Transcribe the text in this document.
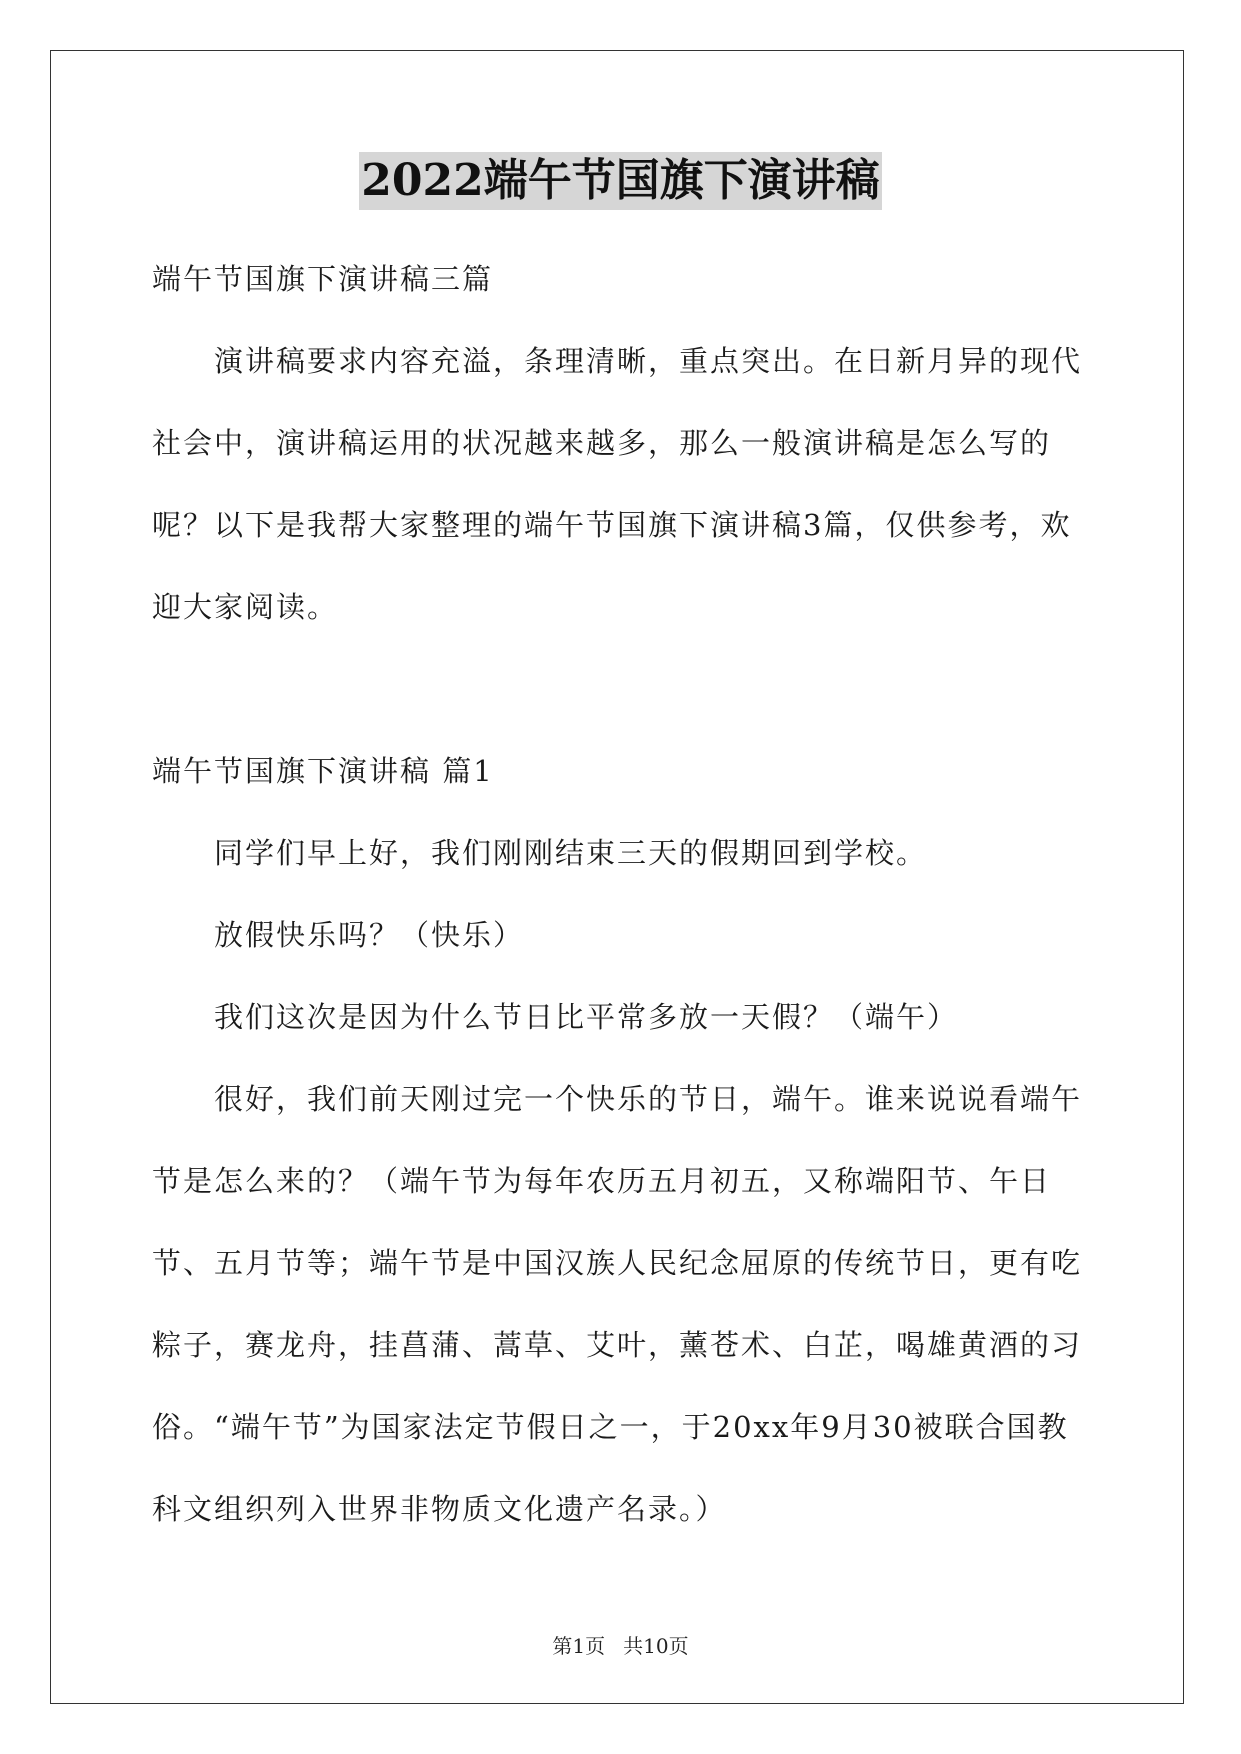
2022端午节国旗下演讲稿

端午节国旗下演讲稿三篇

演讲稿要求内容充溢，条理清晰，重点突出。在日新月异的现代社会中，演讲稿运用的状况越来越多，那么一般演讲稿是怎么写的呢？以下是我帮大家整理的端午节国旗下演讲稿3篇，仅供参考，欢迎大家阅读。

端午节国旗下演讲稿 篇1

同学们早上好，我们刚刚结束三天的假期回到学校。

放假快乐吗？（快乐）

我们这次是因为什么节日比平常多放一天假？（端午）

很好，我们前天刚过完一个快乐的节日，端午。谁来说说看端午节是怎么来的？（端午节为每年农历五月初五，又称端阳节、午日节、五月节等；端午节是中国汉族人民纪念屈原的传统节日，更有吃粽子，赛龙舟，挂菖蒲、蒿草、艾叶，薰苍术、白芷，喝雄黄酒的习俗。“端午节”为国家法定节假日之一，于20xx年9月30被联合国教科文组织列入世界非物质文化遗产名录。）

第1页 共10页
